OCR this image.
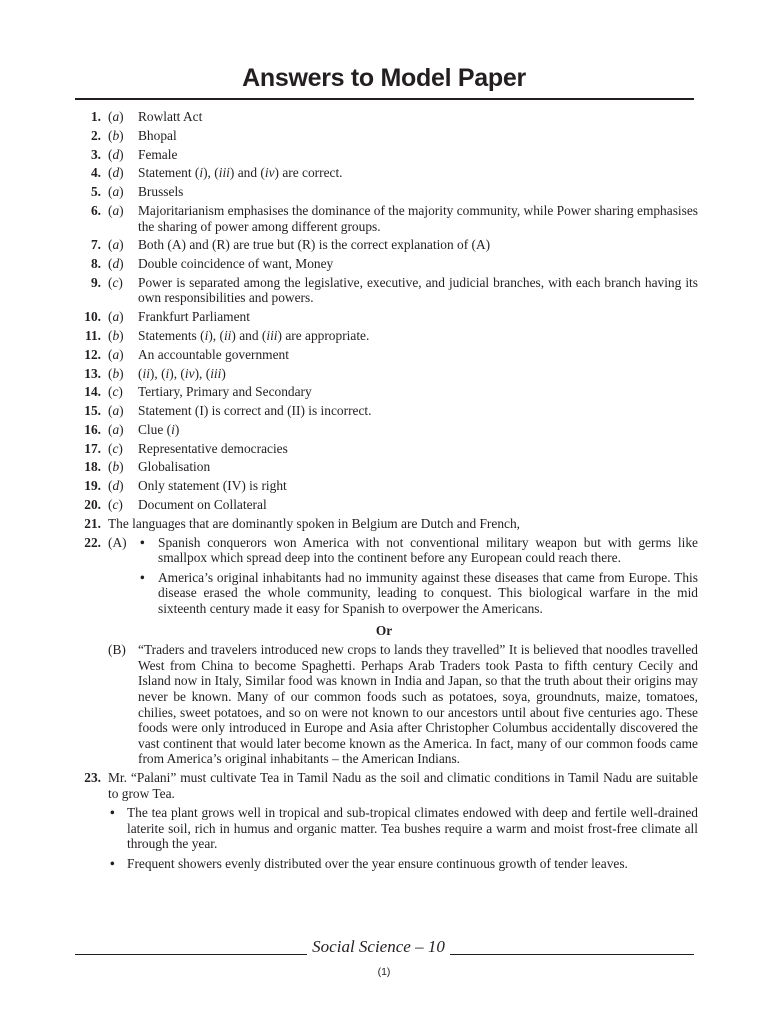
Answers to Model Paper
1. (a)	Rowlatt Act
2. (b)	Bhopal
3. (d)	Female
4. (d)	Statement (i), (iii) and (iv) are correct.
5. (a)	Brussels
6. (a)	Majoritarianism emphasises the dominance of the majority community, while Power sharing emphasises the sharing of power among different groups.
7. (a)	Both (A) and (R) are true but (R) is the correct explanation of (A)
8. (d)	Double coincidence of want, Money
9. (c)	Power is separated among the legislative, executive, and judicial branches, with each branch having its own responsibilities and powers.
10. (a)	Frankfurt Parliament
11. (b)	Statements (i), (ii) and (iii) are appropriate.
12. (a)	An accountable government
13. (b)	(ii), (i), (iv), (iii)
14. (c)	Tertiary, Primary and Secondary
15. (a)	Statement (I) is correct and (II) is incorrect.
16. (a)	Clue (i)
17. (c)	Representative democracies
18. (b)	Globalisation
19. (d)	Only statement (IV) is right
20. (c)	Document on Collateral
21. The languages that are dominantly spoken in Belgium are Dutch and French,
22. (A)	• Spanish conquerors won America with not conventional military weapon but with germs like smallpox which spread deep into the continent before any European could reach there.
• America’s original inhabitants had no immunity against these diseases that came from Europe. This disease erased the whole community, leading to conquest. This biological warfare in the mid sixteenth century made it easy for Spanish to overpower the Americans.
Or
(B) “Traders and travelers introduced new crops to lands they travelled” It is believed that noodles travelled West from China to become Spaghetti. Perhaps Arab Traders took Pasta to fifth century Cecily and Island now in Italy, Similar food was known in India and Japan, so that the truth about their origins may never be known. Many of our common foods such as potatoes, soya, groundnuts, maize, tomatoes, chilies, sweet potatoes, and so on were not known to our ancestors until about five centuries ago. These foods were only introduced in Europe and Asia after Christopher Columbus accidentally discovered the vast continent that would later become known as the America. In fact, many of our common foods came from America’s original inhabitants – the American Indians.
23. Mr. “Palani” must cultivate Tea in Tamil Nadu as the soil and climatic conditions in Tamil Nadu are suitable to grow Tea.
• The tea plant grows well in tropical and sub-tropical climates endowed with deep and fertile well-drained laterite soil, rich in humus and organic matter. Tea bushes require a warm and moist frost-free climate all through the year.
• Frequent showers evenly distributed over the year ensure continuous growth of tender leaves.
Social Science – 10
(1)
